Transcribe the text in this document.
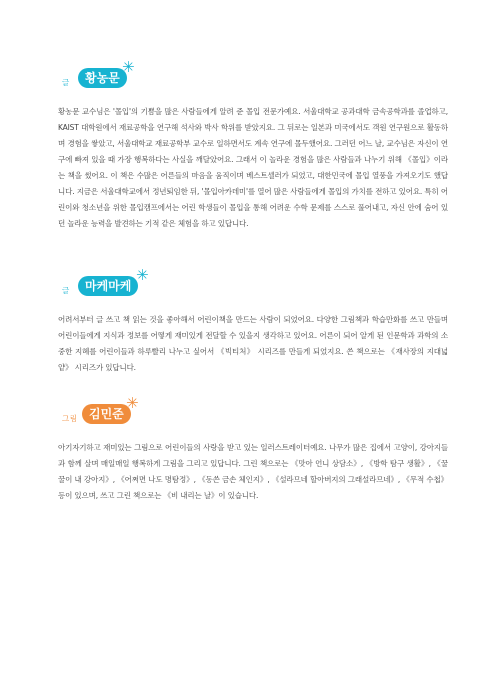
글	황농문
✳

황농문 교수님은 '몰입'의 기쁨을 많은 사람들에게 알려 준 몰입 전문가예요. 서울대학교 공과대학 금속공학과를 졸업하고, KAIST 대학원에서 재료공학을 연구해 석사와 박사 학위를 받았지요. 그 뒤로는 일본과 미국에서도 객원 연구원으로 활동하며 경험을 쌓았고, 서울대학교 재료공학부 교수로 일하면서도 계속 연구에 몰두했어요. 그러던 어느 날, 교수님은 자신이 연구에 빠져 있을 때 가장 행복하다는 사실을 깨달았어요. 그래서 이 놀라운 경험을 많은 사람들과 나누기 위해 《몰입》이라는 책을 썼어요. 이 책은 수많은 어른들의 마음을 움직이며 베스트셀러가 되었고, 대한민국에 몰입 열풍을 가져오기도 했답니다. 지금은 서울대학교에서 정년퇴임한 뒤, '몰입아카데미'를 열어 많은 사람들에게 몰입의 가치를 전하고 있어요. 특히 어린이와 청소년을 위한 몰입캠프에서는 어린 학생들이 몰입을 통해 어려운 수학 문제를 스스로 풀어내고, 자신 안에 숨어 있던 놀라운 능력을 발견하는 기적 같은 체험을 하고 있답니다.

글	마케마케
✳

어려서부터 글 쓰고 책 읽는 것을 좋아해서 어린이책을 만드는 사람이 되었어요. 다양한 그림책과 학습만화를 쓰고 만들며 어린이들에게 지식과 정보를 어떻게 재미있게 전달할 수 있을지 생각하고 있어요. 어른이 되어 알게 된 인문학과 과학의 소중한 지혜를 어린이들과 하루빨리 나누고 싶어서 《빅티처》 시리즈를 만들게 되었지요. 쓴 책으로는 《재사장의 지대넓얕》 시리즈가 있답니다.

그림 김민준
✳

아기자기하고 재미있는 그림으로 어린이들의 사랑을 받고 있는 일러스트레이터예요. 나무가 많은 집에서 고양이, 강아지들과 함께 살며 매일매일 행복하게 그림을 그리고 있답니다. 그린 책으로는 《맛아 언니 상담소》, 《방학 탐구 생활》, 《꿀꿀이 내 강아지》, 《어쩌면 나도 명탐정》, 《동쓴 금손 체인지》, 《설라므네 할아버지의 그래설라므네》, 《무적 수첩》 등이 있으며, 쓰고 그린 책으로는 《비 내리는 날》이 있습니다.
